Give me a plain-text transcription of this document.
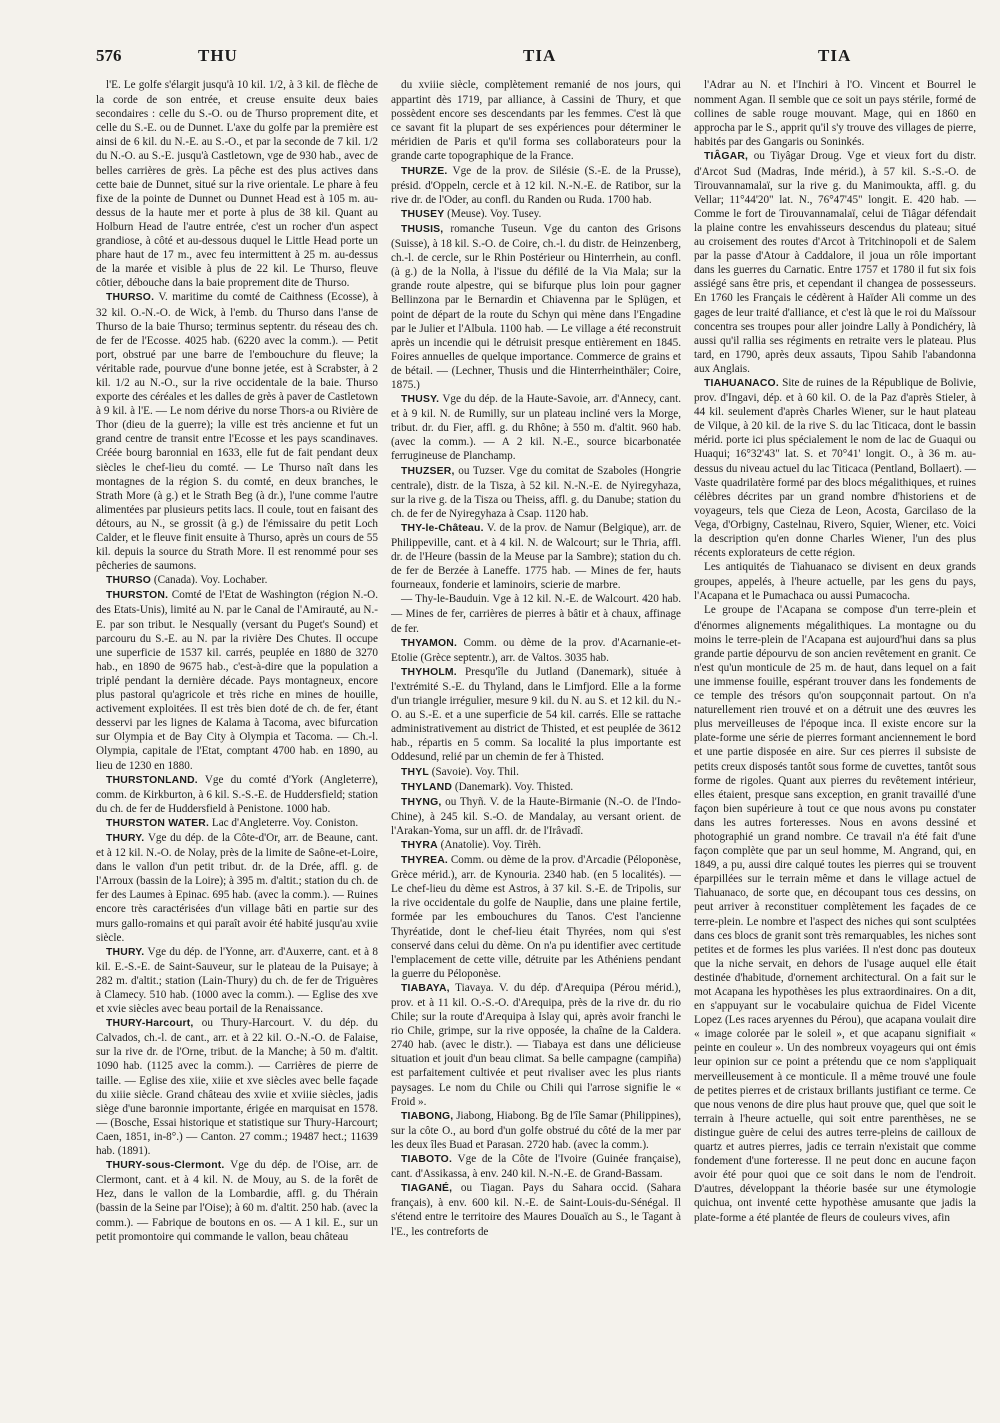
576	THU	TIA	TIA

l'E. Le golfe s'élargit jusqu'à 10 kil. 1/2, à 3 kil. de flèche de la corde de son entrée, et creuse ensuite deux baies secondaires : celle du S.-O. ou de Thurso proprement dite, et celle du S.-E. ou de Dunnet. L'axe du golfe par la première est ainsi de 6 kil. du N.-E. au S.-O., et par la seconde de 7 kil. 1/2 du N.-O. au S.-E. jusqu'à Castletown, vge de 930 hab., avec de belles carrières de grès. La pêche est des plus actives dans cette baie de Dunnet, situé sur la rive orientale. Le phare à feu fixe de la pointe de Dunnet ou Dunnet Head est à 105 m. au-dessus de la haute mer et porte à plus de 38 kil. Quant au Holburn Head de l'autre entrée, c'est un rocher d'un aspect grandiose, à côté et au-dessous duquel le Little Head porte un phare haut de 17 m., avec feu intermittent à 25 m. au-dessus de la marée et visible à plus de 22 kil. Le Thurso, fleuve côtier, débouche dans la baie proprement dite de Thurso.

THURSO. V. maritime du comté de Caithness (Ecosse), à 32 kil. O.-N.-O. de Wick, à l'emb. du Thurso dans l'anse de Thurso de la baie Thurso; terminus septentr. du réseau des ch. de fer de l'Ecosse. 4025 hab. (6220 avec la comm.). — Petit port, obstrué par une barre de l'embouchure du fleuve; la véritable rade, pourvue d'une bonne jetée, est à Scrabster, à 2 kil. 1/2 au N.-O., sur la rive occidentale de la baie. Thurso exporte des céréales et les dalles de grès à paver de Castletown à 9 kil. à l'E. — Le nom dérive du norse Thors-a ou Rivière de Thor (dieu de la guerre); la ville est très ancienne et fut un grand centre de transit entre l'Ecosse et les pays scandinaves. Créée bourg baronnial en 1633, elle fut de fait pendant deux siècles le chef-lieu du comté. — Le Thurso naît dans les montagnes de la région S. du comté, en deux branches, le Strath More (à g.) et le Strath Beg (à dr.), l'une comme l'autre alimentées par plusieurs petits lacs. Il coule, tout en faisant des détours, au N., se grossit (à g.) de l'émissaire du petit Loch Calder, et le fleuve finit ensuite à Thurso, après un cours de 55 kil. depuis la source du Strath More. Il est renommé pour ses pêcheries de saumons.

THURSO (Canada). Voy. Lochaber.

THURSTON. Comté de l'Etat de Washington (région N.-O. des Etats-Unis), limité au N. par le Canal de l'Amirauté, au N.-E. par son tribut. le Nesqually (versant du Puget's Sound) et parcouru du S.-E. au N. par la rivière Des Chutes. Il occupe une superficie de 1537 kil. carrés, peuplée en 1880 de 3270 hab., en 1890 de 9675 hab., c'est-à-dire que la population a triplé pendant la dernière décade. Pays montagneux, encore plus pastoral qu'agricole et très riche en mines de houille, activement exploitées. Il est très bien doté de ch. de fer, étant desservi par les lignes de Kalama à Tacoma, avec bifurcation sur Olympia et de Bay City à Olympia et Tacoma. — Ch.-l. Olympia, capitale de l'Etat, comptant 4700 hab. en 1890, au lieu de 1230 en 1880.

THURSTONLAND. Vge du comté d'York (Angleterre), comm. de Kirkburton, à 6 kil. S.-S.-E. de Huddersfield; station du ch. de fer de Huddersfield à Penistone. 1000 hab.

THURSTON WATER. Lac d'Angleterre. Voy. Coniston.

THURY. Vge du dép. de la Côte-d'Or, arr. de Beaune, cant. et à 12 kil. N.-O. de Nolay, près de la limite de Saône-et-Loire, dans le vallon d'un petit tribut. dr. de la Drée, affl. g. de l'Arroux (bassin de la Loire); à 395 m. d'altit.; station du ch. de fer des Laumes à Epinac. 695 hab. (avec la comm.). — Ruines encore très caractérisées d'un village bâti en partie sur des murs gallo-romains et qui paraît avoir été habité jusqu'au xviie siècle.

THURY. Vge du dép. de l'Yonne, arr. d'Auxerre, cant. et à 8 kil. E.-S.-E. de Saint-Sauveur, sur le plateau de la Puisaye; à 282 m. d'altit.; station (Lain-Thury) du ch. de fer de Triguères à Clamecy. 510 hab. (1000 avec la comm.). — Eglise des xve et xvie siècles avec beau portail de la Renaissance.

THURY-Harcourt, ou Thury-Harcourt. V. du dép. du Calvados, ch.-l. de cant., arr. et à 22 kil. O.-N.-O. de Falaise, sur la rive dr. de l'Orne, tribut. de la Manche; à 50 m. d'altit. 1090 hab. (1125 avec la comm.). — Carrières de pierre de taille. — Eglise des xiie, xiiie et xve siècles avec belle façade du xiiie siècle. Grand château des xviie et xviiie siècles, jadis siège d'une baronnie importante, érigée en marquisat en 1578. — (Bosche, Essai historique et statistique sur Thury-Harcourt; Caen, 1851, in-8°.) — Canton. 27 comm.; 19487 hect.; 11639 hab. (1891).

THURY-sous-Clermont. Vge du dép. de l'Oise, arr. de Clermont, cant. et à 4 kil. N. de Mouy, au S. de la forêt de Hez, dans le vallon de la Lombardie, affl. g. du Thérain (bassin de la Seine par l'Oise); à 60 m. d'altit. 250 hab. (avec la comm.). — Fabrique de boutons en os. — A 1 kil. E., sur un petit promontoire qui commande le vallon, beau château

du xviiie siècle, complètement remanié de nos jours, qui appartint dès 1719, par alliance, à Cassini de Thury, et que possèdent encore ses descendants par les femmes. C'est là que ce savant fit la plupart de ses expériences pour déterminer le méridien de Paris et qu'il forma ses collaborateurs pour la grande carte topographique de la France.

THURZE. Vge de la prov. de Silésie (S.-E. de la Prusse), présid. d'Oppeln, cercle et à 12 kil. N.-N.-E. de Ratibor, sur la rive dr. de l'Oder, au confl. du Randen ou Ruda. 1700 hab.

THUSEY (Meuse). Voy. Tusey.

THUSIS, romanche Tuseun. Vge du canton des Grisons (Suisse), à 18 kil. S.-O. de Coire, ch.-l. du distr. de Heinzenberg, ch.-l. de cercle, sur le Rhin Postérieur ou Hinterrhein, au confl. (à g.) de la Nolla, à l'issue du défilé de la Via Mala; sur la grande route alpestre, qui se bifurque plus loin pour gagner Bellinzona par le Bernardin et Chiavenna par le Splügen, et point de départ de la route du Schyn qui mène dans l'Engadine par le Julier et l'Albula. 1100 hab. — Le village a été reconstruit après un incendie qui le détruisit presque entièrement en 1845. Foires annuelles de quelque importance. Commerce de grains et de bétail. — (Lechner, Thusis und die Hinterrheinthäler; Coire, 1875.)

THUSY. Vge du dép. de la Haute-Savoie, arr. d'Annecy, cant. et à 9 kil. N. de Rumilly, sur un plateau incliné vers la Morge, tribut. dr. du Fier, affl. g. du Rhône; à 550 m. d'altit. 960 hab. (avec la comm.). — A 2 kil. N.-E., source bicarbonatée ferrugineuse de Planchamp.

THUZSER, ou Tuzser. Vge du comitat de Szaboles (Hongrie centrale), distr. de la Tisza, à 52 kil. N.-N.-E. de Nyiregyhaza, sur la rive g. de la Tisza ou Theiss, affl. g. du Danube; station du ch. de fer de Nyiregyhaza à Csap. 1120 hab.

THY-le-Château. V. de la prov. de Namur (Belgique), arr. de Philippeville, cant. et à 4 kil. N. de Walcourt; sur le Thria, affl. dr. de l'Heure (bassin de la Meuse par la Sambre); station du ch. de fer de Berzée à Laneffe. 1775 hab. — Mines de fer, hauts fourneaux, fonderie et laminoirs, scierie de marbre.

— Thy-le-Bauduin. Vge à 12 kil. N.-E. de Walcourt. 420 hab. — Mines de fer, carrières de pierres à bâtir et à chaux, affinage de fer.

THYAMON. Comm. ou dème de la prov. d'Acarnanie-et-Etolie (Grèce septentr.), arr. de Valtos. 3035 hab.

THYHOLM. Presqu'île du Jutland (Danemark), située à l'extrémité S.-E. du Thyland, dans le Limfjord. Elle a la forme d'un triangle irrégulier, mesure 9 kil. du N. au S. et 12 kil. du N.-O. au S.-E. et a une superficie de 54 kil. carrés. Elle se rattache administrativement au district de Thisted, et est peuplée de 3612 hab., répartis en 5 comm. Sa localité la plus importante est Oddesund, relié par un chemin de fer à Thisted.

THYL (Savoie). Voy. Thil.

THYLAND (Danemark). Voy. Thisted.

THYNG, ou Thyñ. V. de la Haute-Birmanie (N.-O. de l'Indo-Chine), à 245 kil. S.-O. de Mandalay, au versant orient. de l'Arakan-Yoma, sur un affl. dr. de l'Irâvadî.

THYRA (Anatolie). Voy. Tirèh.

THYREA. Comm. ou dème de la prov. d'Arcadie (Péloponèse, Grèce mérid.), arr. de Kynouria. 2340 hab. (en 5 localités). — Le chef-lieu du dème est Astros, à 37 kil. S.-E. de Tripolis, sur la rive occidentale du golfe de Nauplie, dans une plaine fertile, formée par les embouchures du Tanos. C'est l'ancienne Thyréatide, dont le chef-lieu était Thyrées, nom qui s'est conservé dans celui du dème. On n'a pu identifier avec certitude l'emplacement de cette ville, détruite par les Athéniens pendant la guerre du Péloponèse.

TIABAYA, Tiavaya. V. du dép. d'Arequipa (Pérou mérid.), prov. et à 11 kil. O.-S.-O. d'Arequipa, près de la rive dr. du rio Chile; sur la route d'Arequipa à Islay qui, après avoir franchi le rio Chile, grimpe, sur la rive opposée, la chaîne de la Caldera. 2740 hab. (avec le distr.). — Tiabaya est dans une délicieuse situation et jouit d'un beau climat. Sa belle campagne (campiña) est parfaitement cultivée et peut rivaliser avec les plus riants paysages. Le nom du Chile ou Chili qui l'arrose signifie le « Froid ».

TIABONG, Jiabong, Hiabong. Bg de l'île Samar (Philippines), sur la côte O., au bord d'un golfe obstrué du côté de la mer par les deux îles Buad et Parasan. 2720 hab. (avec la comm.).

TIABOTO. Vge de la Côte de l'Ivoire (Guinée française), cant. d'Assikassa, à env. 240 kil. N.-N.-E. de Grand-Bassam.

TIAGANÉ, ou Tiagan. Pays du Sahara occid. (Sahara français), à env. 600 kil. N.-E. de Saint-Louis-du-Sénégal. Il s'étend entre le territoire des Maures Douaïch au S., le Tagant à l'E., les contreforts de

l'Adrar au N. et l'Inchiri à l'O. Vincent et Bourrel le nomment Agan. Il semble que ce soit un pays stérile, formé de collines de sable rouge mouvant. Mage, qui en 1860 en approcha par le S., apprit qu'il s'y trouve des villages de pierre, habités par des Gangaris ou Soninkés.

TIÂGAR, ou Tiyâgar Droug. Vge et vieux fort du distr. d'Arcot Sud (Madras, Inde mérid.), à 57 kil. S.-S.-O. de Tirouvannamalaï, sur la rive g. du Manimoukta, affl. g. du Vellar; 11°44'20" lat. N., 76°47'45" longit. E. 420 hab. — Comme le fort de Tirouvannamalaï, celui de Tiâgar défendait la plaine contre les envahisseurs descendus du plateau; situé au croisement des routes d'Arcot à Tritchinopoli et de Salem par la passe d'Atour à Caddalore, il joua un rôle important dans les guerres du Carnatic. Entre 1757 et 1780 il fut six fois assiégé sans être pris, et cependant il changea de possesseurs. En 1760 les Français le cédèrent à Haïder Ali comme un des gages de leur traité d'alliance, et c'est là que le roi du Maïssour concentra ses troupes pour aller joindre Lally à Pondichéry, là aussi qu'il rallia ses régiments en retraite vers le plateau. Plus tard, en 1790, après deux assauts, Tipou Sahib l'abandonna aux Anglais.

TIAHUANACO. Site de ruines de la République de Bolivie, prov. d'Ingavi, dép. et à 60 kil. O. de la Paz d'après Stieler, à 44 kil. seulement d'après Charles Wiener, sur le haut plateau de Vilque, à 20 kil. de la rive S. du lac Titicaca, dont le bassin mérid. porte ici plus spécialement le nom de lac de Guaqui ou Huaqui; 16°32'43" lat. S. et 70°41' longit. O., à 36 m. au-dessus du niveau actuel du lac Titicaca (Pentland, Bollaert). — Vaste quadrilatère formé par des blocs mégalithiques, et ruines célèbres décrites par un grand nombre d'historiens et de voyageurs, tels que Cieza de Leon, Acosta, Garcilaso de la Vega, d'Orbigny, Castelnau, Rivero, Squier, Wiener, etc. Voici la description qu'en donne Charles Wiener, l'un des plus récents explorateurs de cette région.

Les antiquités de Tiahuanaco se divisent en deux grands groupes, appelés, à l'heure actuelle, par les gens du pays, l'Acapana et le Pumachaca ou aussi Pumacocha.

Le groupe de l'Acapana se compose d'un terre-plein et d'énormes alignements mégalithiques. La montagne ou du moins le terre-plein de l'Acapana est aujourd'hui dans sa plus grande partie dépourvu de son ancien revêtement en granit. Ce n'est qu'un monticule de 25 m. de haut, dans lequel on a fait une immense fouille, espérant trouver dans les fondements de ce temple des trésors qu'on soupçonnait partout. On n'a naturellement rien trouvé et on a détruit une des œuvres les plus merveilleuses de l'époque inca. Il existe encore sur la plate-forme une série de pierres formant anciennement le bord et une partie disposée en aire. Sur ces pierres il subsiste de petits creux disposés tantôt sous forme de cuvettes, tantôt sous forme de rigoles. Quant aux pierres du revêtement intérieur, elles étaient, presque sans exception, en granit travaillé d'une façon bien supérieure à tout ce que nous avons pu constater dans les autres forteresses. Nous en avons dessiné et photographié un grand nombre. Ce travail n'a été fait d'une façon complète que par un seul homme, M. Angrand, qui, en 1849, a pu, aussi dire calqué toutes les pierres qui se trouvent éparpillées sur le terrain même et dans le village actuel de Tiahuanaco, de sorte que, en découpant tous ces dessins, on peut arriver à reconstituer complètement les façades de ce terre-plein. Le nombre et l'aspect des niches qui sont sculptées dans ces blocs de granit sont très remarquables, les niches sont petites et de formes les plus variées. Il n'est donc pas douteux que la niche servait, en dehors de l'usage auquel elle était destinée d'habitude, d'ornement architectural. On a fait sur le mot Acapana les hypothèses les plus extraordinaires. On a dit, en s'appuyant sur le vocabulaire quichua de Fidel Vicente Lopez (Les races aryennes du Pérou), que acapana voulait dire « image colorée par le soleil », et que acapanu signifiait « peinte en couleur ». Un des nombreux voyageurs qui ont émis leur opinion sur ce point a prétendu que ce nom s'appliquait merveilleusement à ce monticule. Il a même trouvé une foule de petites pierres et de cristaux brillants justifiant ce terme. Ce que nous venons de dire plus haut prouve que, quel que soit le terrain à l'heure actuelle, qui soit entre parenthèses, ne se distingue guère de celui des autres terre-pleins de cailloux de quartz et autres pierres, jadis ce terrain n'existait que comme fondement d'une forteresse. Il ne peut donc en aucune façon avoir été pour quoi que ce soit dans le nom de l'endroit. D'autres, développant la théorie basée sur une étymologie quichua, ont inventé cette hypothèse amusante que jadis la plate-forme a été plantée de fleurs de couleurs vives, afin
